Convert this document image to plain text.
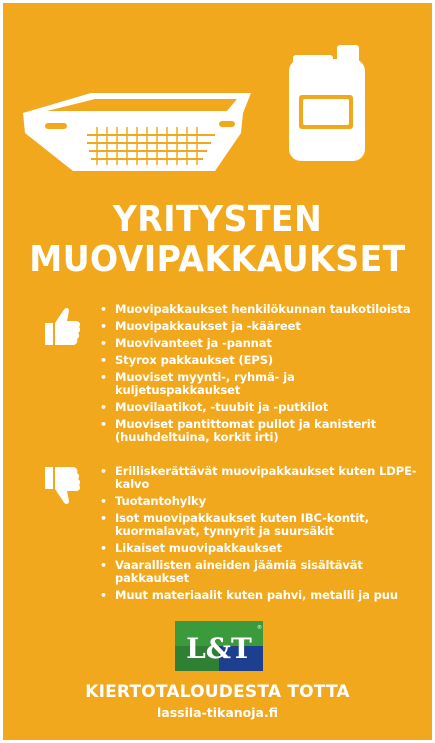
YRITYSTEN
MUOVIPAKKAUKSET
• Muovipakkaukset henkilökunnan taukotiloista
• Muovipakkaukset ja -kääreet
• Muovivanteet ja -pannat
• Styrox pakkaukset (EPS)
• Muoviset myynti-, ryhmä- ja kuljetuspakkaukset
• Muovilaatikot, -tuubit ja -putkilot
• Muoviset pantittomat pullot ja kanisterit (huuhdeltuina, korkit irti)
• Erilliskerättävät muovipakkaukset kuten LDPE-kalvo
• Tuotantohylky
• Isot muovipakkaukset kuten IBC-kontit, kuormalavat, tynnyrit ja suursäkit
• Likaiset muovipakkaukset
• Vaarallisten aineiden jäämiä sisältävät pakkaukset
• Muut materiaalit kuten pahvi, metalli ja puu
L&T
®
KIERTOTALOUDESTA TOTTA
lassila-tikanoja.fi
